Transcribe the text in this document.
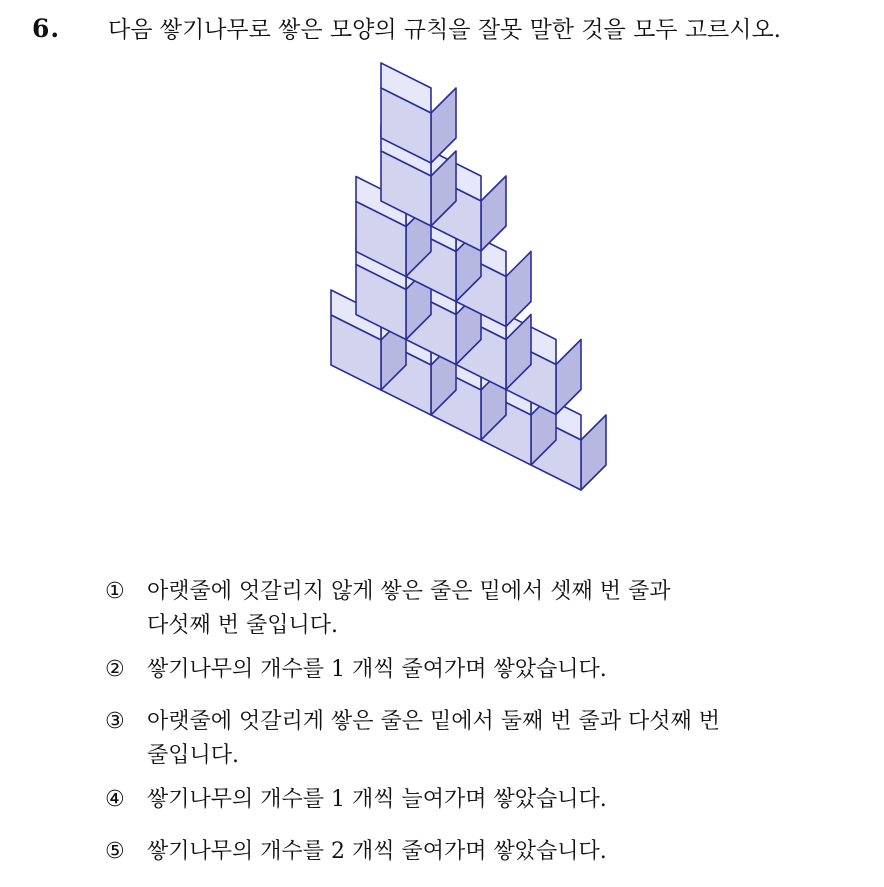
6. 다음 쌓기나무로 쌓은 모양의 규칙을 잘못 말한 것을 모두 고르시오.
① 아랫줄에 엇갈리지 않게 쌓은 줄은 밑에서 셋째 번 줄과
다섯째 번 줄입니다.
② 쌓기나무의 개수를 1 개씩 줄여가며 쌓았습니다.
③ 아랫줄에 엇갈리게 쌓은 줄은 밑에서 둘째 번 줄과 다섯째 번
줄입니다.
④ 쌓기나무의 개수를 1 개씩 늘여가며 쌓았습니다.
⑤ 쌓기나무의 개수를 2 개씩 줄여가며 쌓았습니다.
